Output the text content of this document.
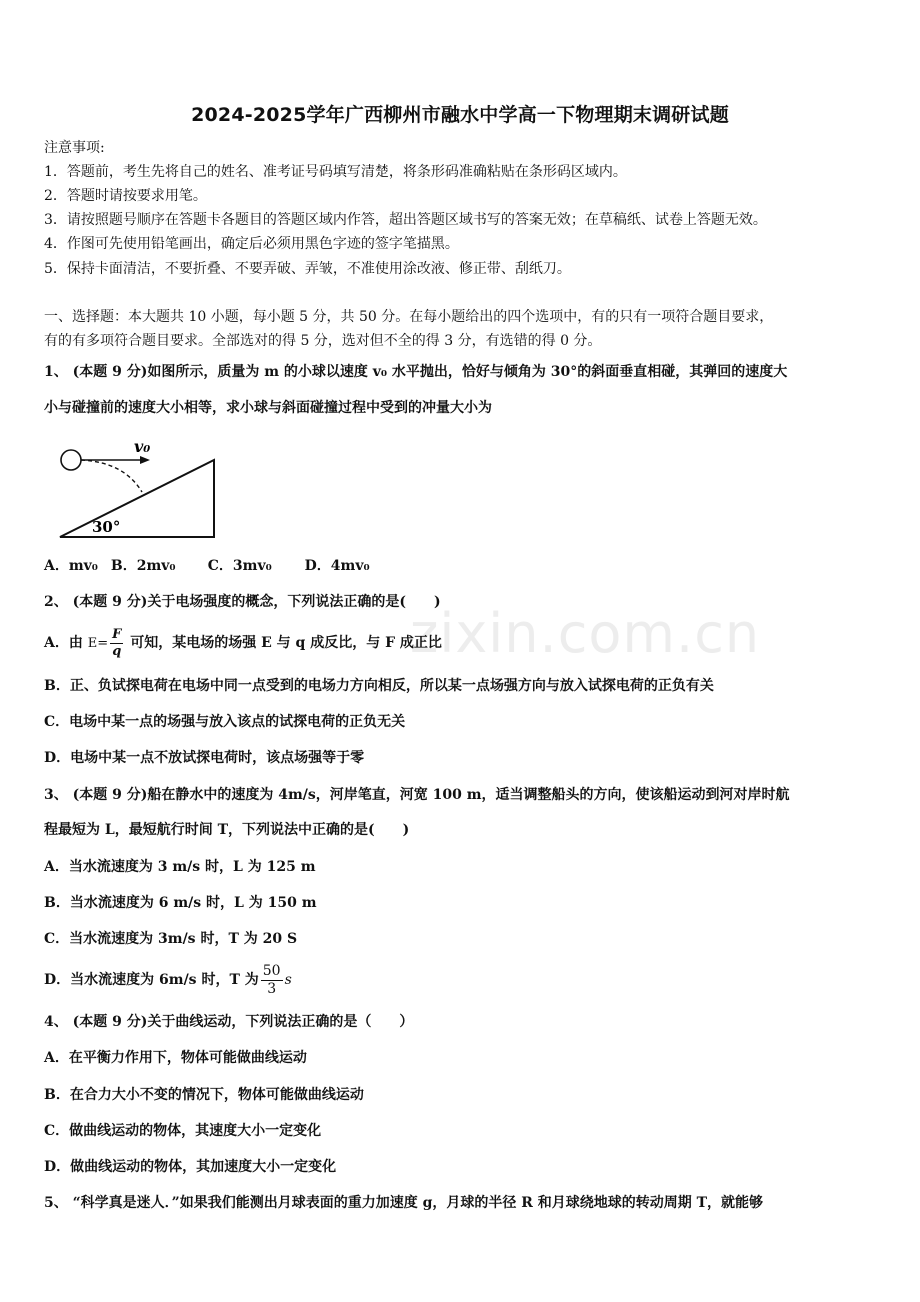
zixin.com.cn
2024-2025学年广西柳州市融水中学高一下物理期末调研试题
注意事项:
1．答题前，考生先将自己的姓名、准考证号码填写清楚，将条形码准确粘贴在条形码区域内。
2．答题时请按要求用笔。
3．请按照题号顺序在答题卡各题目的答题区域内作答，超出答题区域书写的答案无效；在草稿纸、试卷上答题无效。
4．作图可先使用铅笔画出，确定后必须用黑色字迹的签字笔描黑。
5．保持卡面清洁，不要折叠、不要弄破、弄皱，不准使用涂改液、修正带、刮纸刀。
一、选择题：本大题共 10 小题，每小题 5 分，共 50 分。在每小题给出的四个选项中，有的只有一项符合题目要求，
有的有多项符合题目要求。全部选对的得 5 分，选对但不全的得 3 分，有选错的得 0 分。
1、 (本题 9 分)如图所示，质量为 m 的小球以速度 v₀ 水平抛出，恰好与倾角为 30°的斜面垂直相碰，其弹回的速度大
小与碰撞前的速度大小相等，求小球与斜面碰撞过程中受到的冲量大小为
v₀
30°
A．mv₀ B．2mv₀ C．3mv₀ D．4mv₀
2、 (本题 9 分)关于电场强度的概念，下列说法正确的是(　　)
A．由 $E= \frac{F}{q}$ 可知，某电场的场强 E 与 q 成反比，与 F 成正比
B．正、负试探电荷在电场中同一点受到的电场力方向相反，所以某一点场强方向与放入试探电荷的正负有关
C．电场中某一点的场强与放入该点的试探电荷的正负无关
D．电场中某一点不放试探电荷时，该点场强等于零
3、 (本题 9 分)船在静水中的速度为 4m/s，河岸笔直，河宽 100 m，适当调整船头的方向，使该船运动到河对岸时航
程最短为 L，最短航行时间 T，下列说法中正确的是(　　)
A．当水流速度为 3 m/s 时，L 为 125 m
B．当水流速度为 6 m/s 时，L 为 150 m
C．当水流速度为 3m/s 时，T 为 20 S
D．当水流速度为 6m/s 时，T 为 $\frac{50}{3}$ s
4、 (本题 9 分)关于曲线运动，下列说法正确的是（　　）
A．在平衡力作用下，物体可能做曲线运动
B．在合力大小不变的情况下，物体可能做曲线运动
C．做曲线运动的物体，其速度大小一定变化
D．做曲线运动的物体，其加速度大小一定变化
5、 “科学真是迷人．”如果我们能测出月球表面的重力加速度 g，月球的半径 R 和月球绕地球的转动周期 T，就能够
